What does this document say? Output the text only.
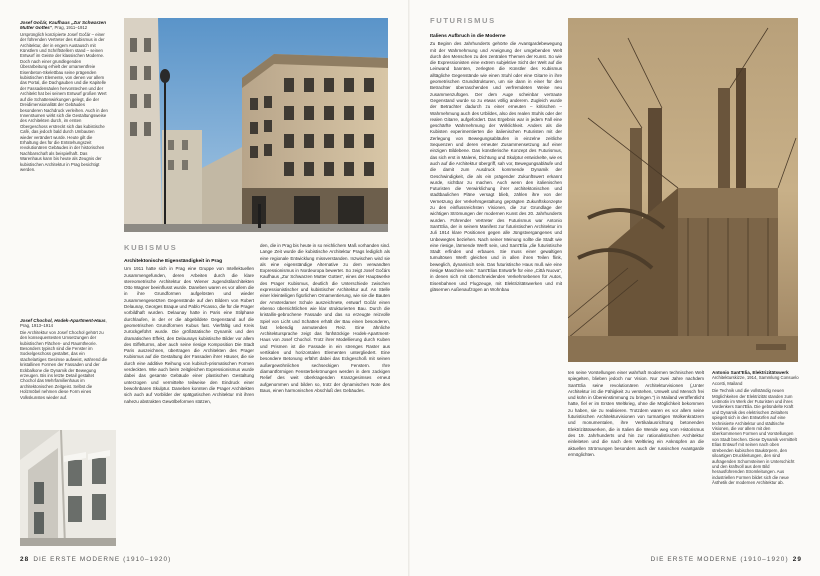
Josef Gočár, Kaufhaus „Zur Schwarzen Mutter Gottes“, Prag, 1911–1912
Ursprünglich konzipierte Josef Gočár – einer der führenden Vertreter des Kubismus in der Architektur, der in engem Austausch mit Künstlern und Schriftstellern stand – seinen Entwurf im Geiste der klassischen Moderne. Doch nach einer grundlegenden Überarbeitung erhielt der ornamentfreie Eisenbeton-Skelettbau seine prägenden kubistischen Elemente, von denen vor allem das Portal, die Dachgauben und die Kapitelle der Fassadensäulen hervorstechen und der Architekt hat bei seinem Entwurf großen Wert auf die Schattenwirkungen gelegt, die der Dreidimensionalität der Gebäudes besonderen Nachdruck verleihen. Auch in den Innenräumen wirkt sich die Gestaltungsweise des Architekten durch, im ersten Obergeschoss erstreckt sich das kubistische Café, das jedoch bald durch Umbauten wieder verändert wurde. Heute gilt die Erhaltung des für die Entstehungszeit revolutionären Gebäudes in der historischen Nachbarschaft als beispielhaft. Das Warenhaus kann bis heute als Zeugnis der kubistischen Architektur in Prag besichtigt werden.
Josef Chochol, Hodek-Apartment-Haus, Prag, 1913–1914
Die Architektur von Josef Chochol gehört zu den konsequentesten Umsetzungen der kubistischen Flächen- und Raumtheorie. Besonders typisch sind die Fenster im Sockelgeschoss gestaltet, das ein stachelartiges Gesimse aufweist, während die kristallinen Formen der Fassaden und der Eckbalkone die Dynamik der Bewegung erzeugen. Bis ins letzte Detail gestaltet Chochol das Mehrfamilienhaus im architektonischen Zeitgeist. Selbst die Holzmöbel nehmen diese Form eines Volkskunstes wieder auf.
KUBISMUS
Architektonische Eigenständigkeit in Prag

Um 1911 hatte sich in Prag eine Gruppe von Intellektuellen zusammengefunden, deren Arbeiten durch die klare stereometrische Architektur des Wiener Jugendstilarchitekten Otto Wagner beeinflusst wurde. Daneben waren es vor allem die in ihre Grundformen aufgelösten und wieder zusammengesetzten Gegenstände auf den Bildern von Robert Delaunay, Georges Braque und Pablo Picasso, die für die Prager vorbildhaft wurden. Delaunay hatte in Paris eine Stilphase durchlaufen, in der er die abgebildete Gegenstand auf die geometrischen Grundformen Kubus fast. Vierfältig und Kreis zurückgeführt wurde. Die größtstatische Dynamik und den dramatischen Effekt, den Delaunays kubistische Bilder vor allem des Eiffelturms, aber auch seine riesige Komposition Die Stadt Paris auszeichnen, übertragen die Architekten des Prager Kubismus auf die Gestaltung der Fassaden ihrer Häuser, die sie durch eine additive Reihung von kubisch-prismatischen Formen verdeckten. Wie auch beim zeitgleichen Expressionismus wurde dabei das gesamte Gebäude einer plastischen Gestaltung unterzogen und vermittelte teilweise den Eindruck einer bewohnbaren Skulptur. Daneben konnten die Prager Architekten sich auch auf Vorbilder der spätgotischen Architektur mit ihren nahezu abstrakten Gewölbeformen stützen,

den, die in Prag bis heute in so reichlichem Maß vorhanden sind. Lange Zeit wurde die kubistische Architektur Prags lediglich als eine regionale Entwicklung missverstanden. Inzwischen wird sie als eine eigenständige Alternative zu dem verwandten Expressionismus in Nordeuropa bewertet. So zeigt Josef Gočárs Kaufhaus „Zur Schwarzen Mutter Gottes“, eines der Hauptwerke des Prager Kubismus, deutlich die Unterschiede zwischen expressionistischer und kubistischer Architektur auf. An Stelle einer kleinteiligen figürlichen Ornamentierung, wie sie die Bauten der Amsterdamer Schule auszeichnete, entwarf Gočár einen ebenso übersichtlichen wie klar strukturierten Bau. Durch die kristallin-gebrochene Fassade und das so erzeugte reizvolle Spiel von Licht und Schatten erhält der Bau einen besonderen, fast lebendig anmutenden Reiz. Eine ähnliche Architektursprache zeigt das fünfstöckige Hodek-Apartment-Haus von Josef Chochol. Trotz ihrer Modellierung durch Kuben und Prismen ist die Fassade in ein strenges Raster aus vertikalen und horizontalen Elementen untergliedert. Eine besondere Betonung erfährt dabei das Eckgeschoß mit seinen außergewöhnlichen sechseckigen Fenstern. Ihre diamantförmigen Fensterbekrönungen werden in dem zackigen Relief des weit überkragenden Kranzgesimses erneut aufgenommen und bilden so, trotz der dynamischen Note des Baus, einen harmonischen Abschluß des Gebäudes.

28 DIE ERSTE MODERNE (1910–1920)
FUTURISMUS
Italiens Aufbruch in die Moderne

Zu Beginn des Jahrhunderts gehörte die Avantgardebewegung mit der Wahrnehmung und Aneignung der umgebenden Welt durch den Menschen zu den zentralen Themen der Kunst. So wie die Expressionisten eine extrem subjektive Sicht der Welt auf die Leinwand bannten, zerlegten die Künstler des Kubismus alltägliche Gegenstände wie einen Stuhl oder eine Gitarre in ihre geometrischen Grundstrukturen, um sie dann in einer für den Betrachter überraschenden und verfremdeten Weise neu zusammenzufügen. Der dem Auge scheinbar vertraute Gegenstand wurde so zu etwas völlig anderem. Zugleich wurde der Betrachter dadurch zu einer erneuten – kritischen – Wahrnehmung auch des Urbildes, also des realen Stuhls oder der realen Gitarre, aufgefordert. Das Ergebnis war in jedem Fall eine geschärfte Wahrnehmung der Wirklichkeit. Anders als die Kubisten experimentierten die italienischen Futuristen mit der Zerlegung von Bewegungsabläufen in einzelne zeitliche Sequenzen und deren erneuter Zusammensetzung auf einer einzigen Bildebene. Das künstlerische Konzept des Futurismus, das sich erst in Malerei, Dichtung und Skulptur entwickelte, wie es auch auf die Architektur übergriff, sah vor, Bewegungsabläufe und die damit zum Ausdruck kommende Dynamik der Geschwindigkeit, die als ein prägender Zukunftswert erkannt wurde, sichtbar zu machen. Auch wenn den italienischen Futuristen die Verwirklichung ihrer architektonischen und stadtbaulichen Pläne versagt blieb, zählen ihre von der Vernetzung der Verkehrsgestaltung geprägten Zukunftskonzepte zu den einflussreichsten Visionen, die zur Grundlage der wichtigen Strömungen der modernen Kunst des 20. Jahrhunderts wurden. Führender Vertreter des Futurismus war Antonio Sant'Elia, der in seinem Manifest zur futuristischen Architektur im Juli 1914 klare Positionen gegen alle Jüngstvergangenes und Unbewegtes beziehen. Nach seiner Meinung sollte die Stadt wie eine riesige, lärmende Werft sein, und Sant'Elia „die futuristische Stadt erfinden und erbauen. Sie muss einer gewaltigen tumultösen Werft gleichen und in allen ihren Teilen flink, beweglich, dynamisch sein. Das futuristische Haus muß wie eine riesige Maschine sein.“ Sant'Elias Entwürfe für eine „Città Nuova“, in denen sich mit überschneidenden Verkehrsebenen für Autos, Eisenbahnen und Flugzeuge, mit Elektrizitätswerken und mit gläsernen Außenaufzügen an Wohnbau

ten seine Vorstellungen einer wahrhaft modernen technischen Welt spiegelten, blieben jedoch nur Vision. Nur zwei Jahre nachdem Sant'Elia seine revolutionären Architekturvisionen („Unter Architektur ist die Fähigkeit zu verstehen, Umwelt und Mensch frei und kühn in Übereinstimmung zu bringen.“) in Mailand veröffentlicht hatte, fiel er im Ersten Weltkrieg, ohne die Möglichkeit bekommen zu haben, sie zu realisieren. Trotzdem waren es vor allem seine futuristischen Architekturvisionen von turmartigen Wolkenkratzern und monumentalen, ihre Vertikalausrichtung betonenden Elektrizitätswerken, die in Italien die Wende weg vom Historismus des 19. Jahrhunderts und hin zur rationalistischen Architektur einleiteten und die nach dem Weltkrieg ein Anknüpfen an die aktuellen Strömungen besonders auch der russischen Avantgarde ermöglichten.

Antonio Sant'Elia, Elektrizitätswerk
Architekturskizze, 1914, Sammlung Consuelo Accetti, Mailand
Die Technik und die vollständig neuen Möglichkeiten der Elektrizität standen zum Leitmotiv im Werk der Futuristen und ihres Vordenkers Sant'Elia. Die gebündelte Kraft und Dynamik des elektrischen Zeitalters spiegelt sich in den Entwürfen auf eine technisierte Architektur und städtische Visionen, die vor allem mit den überkommenen Formen und Vorstellungen von Stadt brechen. Diese Dynamik vermittelt Elias Entwurf mit seinen nach oben strebenden kubischen Baukörpern, den siloartigen Druckleitungen, den sind aufragenden Schornsteinen in Unterschicht und den kraftvoll aus dem Bild herausführenden Stromleitungen. Aus industriellen Formen bildet sich die neue Ästhetik der modernen Architektur ab.
DIE ERSTE MODERNE (1910–1920) 29
